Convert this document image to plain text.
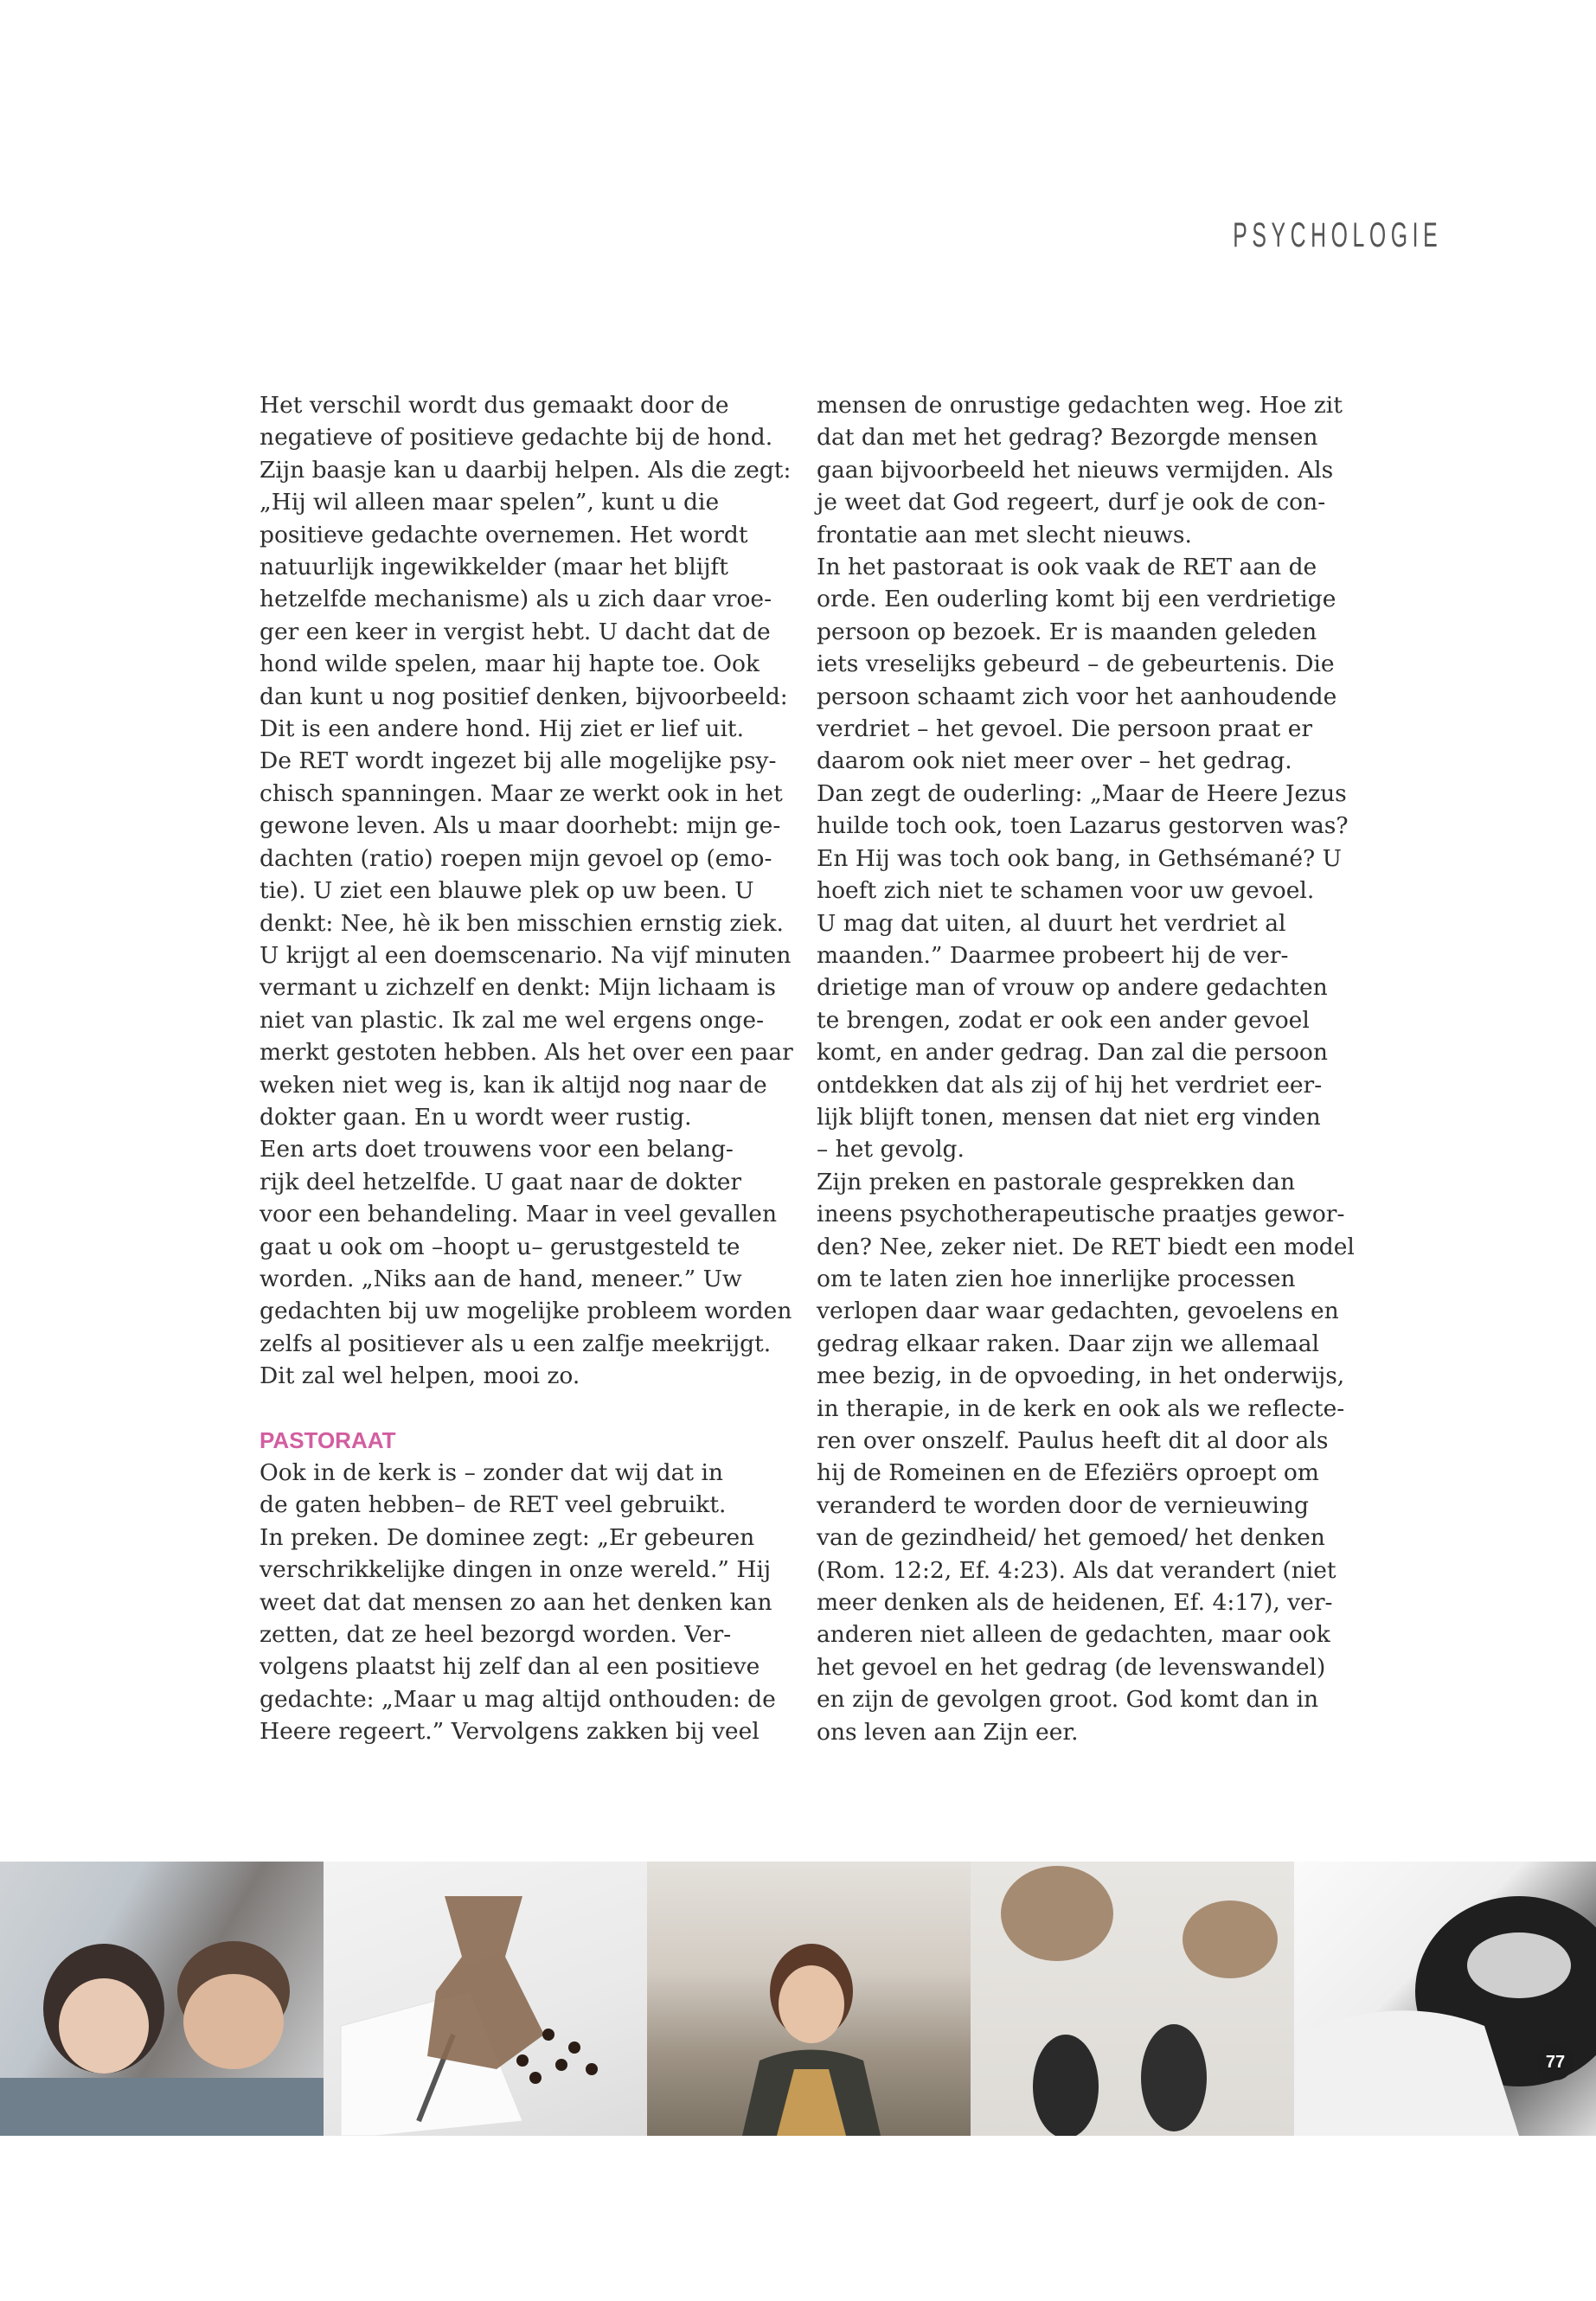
PSYCHOLOGIE
Het verschil wordt dus gemaakt door de
negatieve of positieve gedachte bij de hond.
Zijn baasje kan u daarbij helpen. Als die zegt:
„Hij wil alleen maar spelen”, kunt u die
positieve gedachte overnemen. Het wordt
natuurlijk ingewikkelder (maar het blijft
hetzelfde mechanisme) als u zich daar vroe-
ger een keer in vergist hebt. U dacht dat de
hond wilde spelen, maar hij hapte toe. Ook
dan kunt u nog positief denken, bijvoorbeeld:
Dit is een andere hond. Hij ziet er lief uit.
De RET wordt ingezet bij alle mogelijke psy-
chisch spanningen. Maar ze werkt ook in het
gewone leven. Als u maar doorhebt: mijn ge-
dachten (ratio) roepen mijn gevoel op (emo-
tie). U ziet een blauwe plek op uw been. U
denkt: Nee, hè ik ben misschien ernstig ziek.
U krijgt al een doemscenario. Na vijf minuten
vermant u zichzelf en denkt: Mijn lichaam is
niet van plastic. Ik zal me wel ergens onge-
merkt gestoten hebben. Als het over een paar
weken niet weg is, kan ik altijd nog naar de
dokter gaan. En u wordt weer rustig.
Een arts doet trouwens voor een belang-
rijk deel hetzelfde. U gaat naar de dokter
voor een behandeling. Maar in veel gevallen
gaat u ook om –hoopt u– gerustgesteld te
worden. „Niks aan de hand, meneer.” Uw
gedachten bij uw mogelijke probleem worden
zelfs al positiever als u een zalfje meekrijgt.
Dit zal wel helpen, mooi zo.
PASTORAAT
Ook in de kerk is – zonder dat wij dat in
de gaten hebben– de RET veel gebruikt.
In preken. De dominee zegt: „Er gebeuren
verschrikkelijke dingen in onze wereld.” Hij
weet dat dat mensen zo aan het denken kan
zetten, dat ze heel bezorgd worden. Ver-
volgens plaatst hij zelf dan al een positieve
gedachte: „Maar u mag altijd onthouden: de
Heere regeert.” Vervolgens zakken bij veel
mensen de onrustige gedachten weg. Hoe zit
dat dan met het gedrag? Bezorgde mensen
gaan bijvoorbeeld het nieuws vermijden. Als
je weet dat God regeert, durf je ook de con-
frontatie aan met slecht nieuws.
In het pastoraat is ook vaak de RET aan de
orde. Een ouderling komt bij een verdrietige
persoon op bezoek. Er is maanden geleden
iets vreselijks gebeurd – de gebeurtenis. Die
persoon schaamt zich voor het aanhoudende
verdriet – het gevoel. Die persoon praat er
daarom ook niet meer over – het gedrag.
Dan zegt de ouderling: „Maar de Heere Jezus
huilde toch ook, toen Lazarus gestorven was?
En Hij was toch ook bang, in Gethsémané? U
hoeft zich niet te schamen voor uw gevoel.
U mag dat uiten, al duurt het verdriet al
maanden.” Daarmee probeert hij de ver-
drietige man of vrouw op andere gedachten
te brengen, zodat er ook een ander gevoel
komt, en ander gedrag. Dan zal die persoon
ontdekken dat als zij of hij het verdriet eer-
lijk blijft tonen, mensen dat niet erg vinden
– het gevolg.
Zijn preken en pastorale gesprekken dan
ineens psychotherapeutische praatjes gewor-
den? Nee, zeker niet. De RET biedt een model
om te laten zien hoe innerlijke processen
verlopen daar waar gedachten, gevoelens en
gedrag elkaar raken. Daar zijn we allemaal
mee bezig, in de opvoeding, in het onderwijs,
in therapie, in de kerk en ook als we reflecte-
ren over onszelf. Paulus heeft dit al door als
hij de Romeinen en de Efeziërs oproept om
veranderd te worden door de vernieuwing
van de gezindheid/ het gemoed/ het denken
(Rom. 12:2, Ef. 4:23). Als dat verandert (niet
meer denken als de heidenen, Ef. 4:17), ver-
anderen niet alleen de gedachten, maar ook
het gevoel en het gedrag (de levenswandel)
en zijn de gevolgen groot. God komt dan in
ons leven aan Zijn eer.
77
